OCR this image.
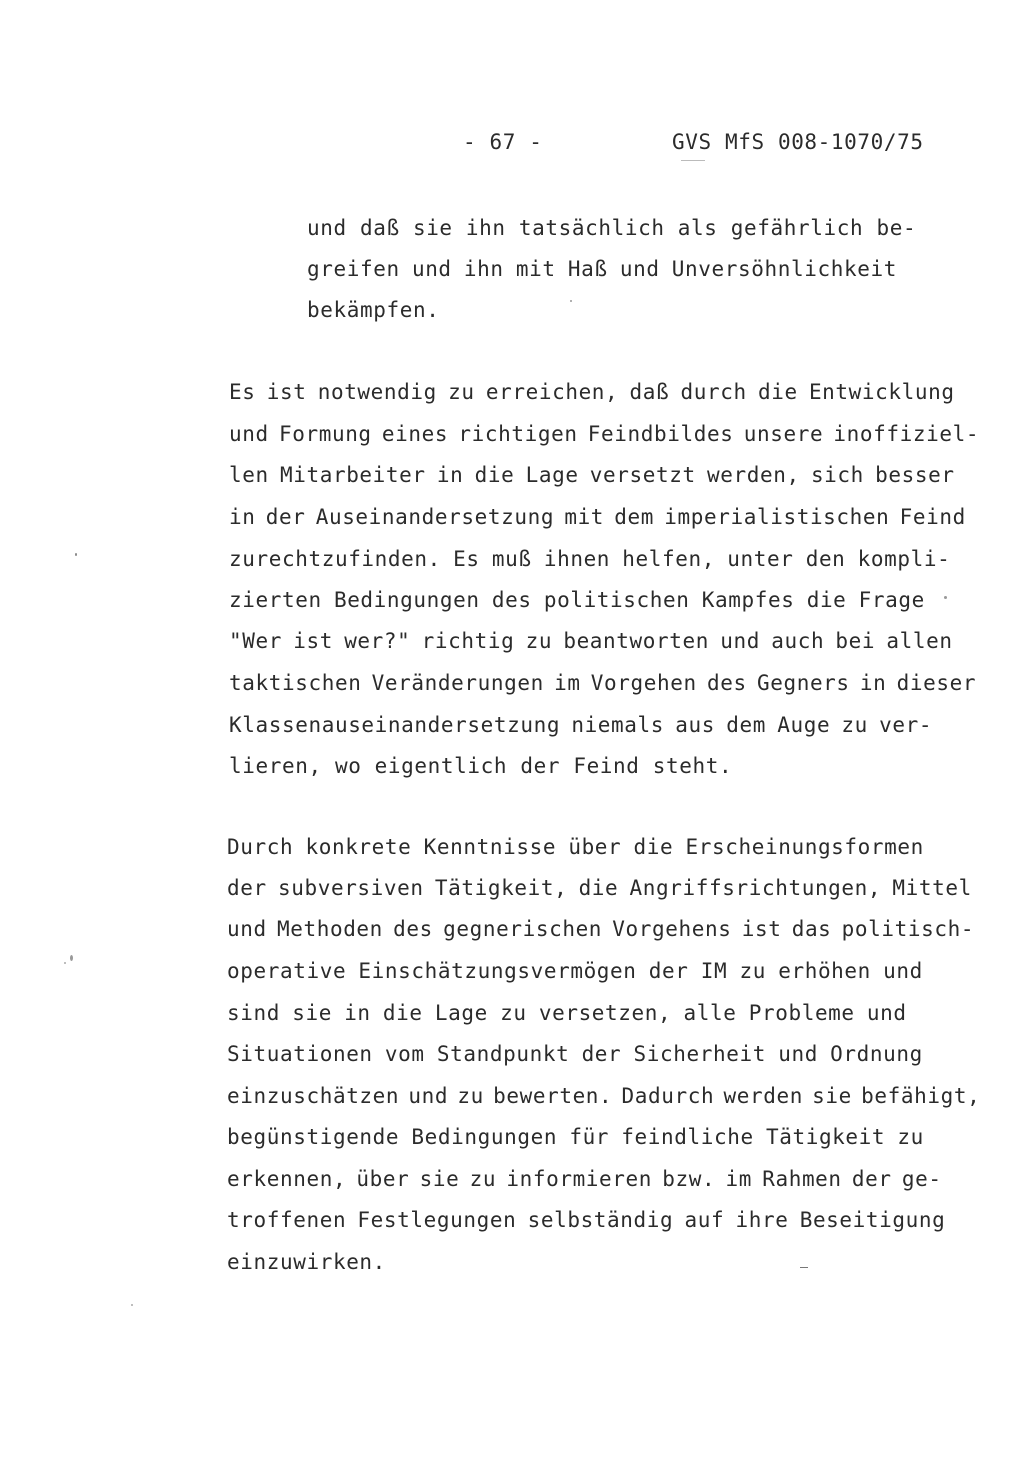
- 67 -	GVS MfS 008-1070/75
und daß sie ihn tatsächlich als gefährlich be-
greifen und ihn mit Haß und Unversöhnlichkeit
bekämpfen.
Es ist notwendig zu erreichen, daß durch die Entwicklung
und Formung eines richtigen Feindbildes unsere inoffiziel-
len Mitarbeiter in die Lage versetzt werden, sich besser
in der Auseinandersetzung mit dem imperialistischen Feind
zurechtzufinden. Es muß ihnen helfen, unter den kompli-
zierten Bedingungen des politischen Kampfes die Frage
"Wer ist wer?" richtig zu beantworten und auch bei allen
taktischen Veränderungen im Vorgehen des Gegners in dieser
Klassenauseinandersetzung niemals aus dem Auge zu ver-
lieren, wo eigentlich der Feind steht.
Durch konkrete Kenntnisse über die Erscheinungsformen
der subversiven Tätigkeit, die Angriffsrichtungen, Mittel
und Methoden des gegnerischen Vorgehens ist das politisch-
operative Einschätzungsvermögen der IM zu erhöhen und
sind sie in die Lage zu versetzen, alle Probleme und
Situationen vom Standpunkt der Sicherheit und Ordnung
einzuschätzen und zu bewerten. Dadurch werden sie befähigt,
begünstigende Bedingungen für feindliche Tätigkeit zu
erkennen, über sie zu informieren bzw. im Rahmen der ge-
troffenen Festlegungen selbständig auf ihre Beseitigung
einzuwirken.
